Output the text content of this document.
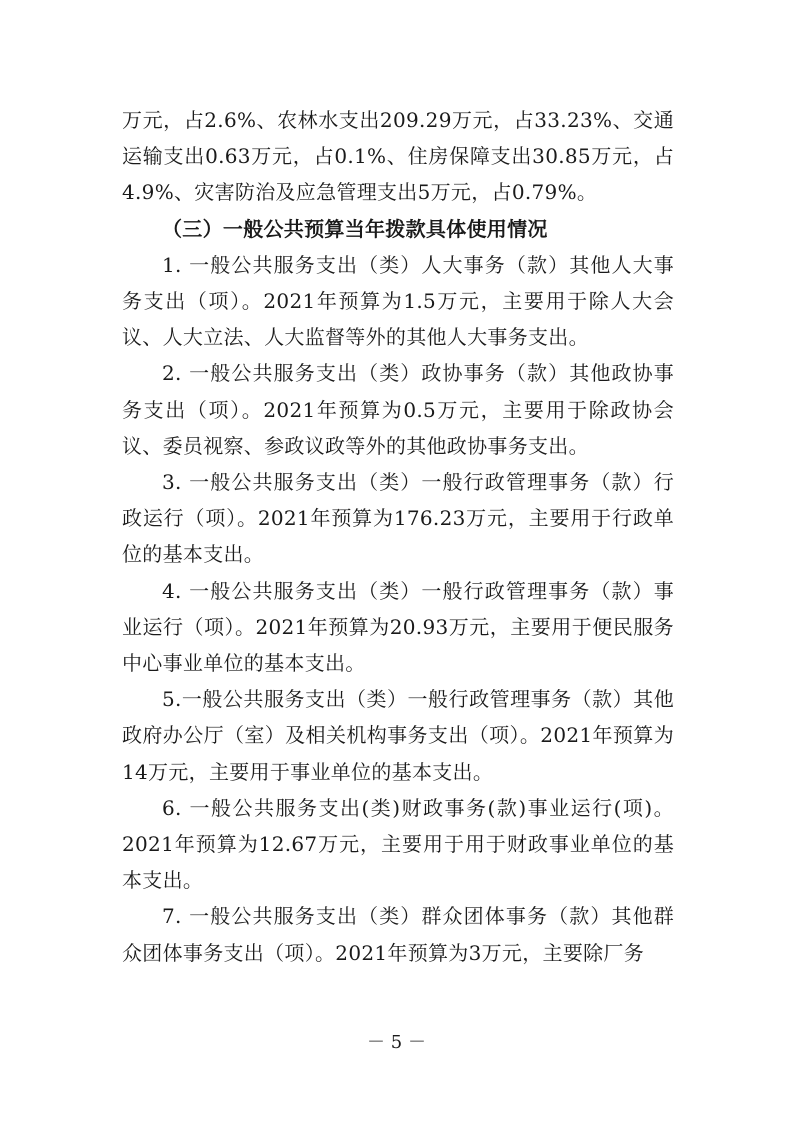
万元，占2.6%、农林水支出209.29万元，占33.23%、交通运输支出0.63万元，占0.1%、住房保障支出30.85万元，占4.9%、灾害防治及应急管理支出5万元，占0.79%。

（三）一般公共预算当年拨款具体使用情况

1. 一般公共服务支出（类）人大事务（款）其他人大事务支出（项）。2021年预算为1.5万元，主要用于除人大会议、人大立法、人大监督等外的其他人大事务支出。

2. 一般公共服务支出（类）政协事务（款）其他政协事务支出（项）。2021年预算为0.5万元，主要用于除政协会议、委员视察、参政议政等外的其他政协事务支出。

3. 一般公共服务支出（类）一般行政管理事务（款）行政运行（项）。2021年预算为176.23万元，主要用于行政单位的基本支出。

4. 一般公共服务支出（类）一般行政管理事务（款）事业运行（项）。2021年预算为20.93万元，主要用于便民服务中心事业单位的基本支出。

5.一般公共服务支出（类）一般行政管理事务（款）其他政府办公厅（室）及相关机构事务支出（项）。2021年预算为14万元，主要用于事业单位的基本支出。

6. 一般公共服务支出(类)财政事务(款)事业运行(项)。2021年预算为12.67万元，主要用于用于财政事业单位的基本支出。

7. 一般公共服务支出（类）群众团体事务（款）其他群众团体事务支出（项）。2021年预算为3万元，主要除厂务

－ 5 －
